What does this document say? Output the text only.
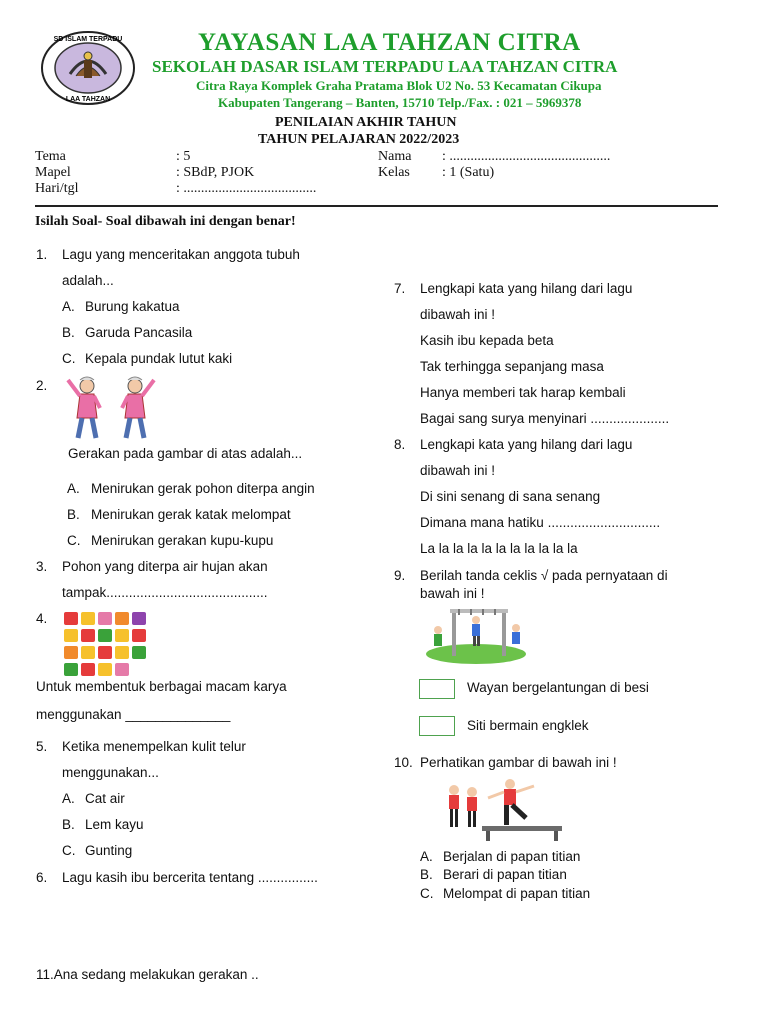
SD ISLAM TERPADU
LAA TAHZAN
YAYASAN LAA TAHZAN CITRA
SEKOLAH DASAR ISLAM TERPADU LAA TAHZAN CITRA
Citra Raya Komplek Graha Pratama Blok U2 No. 53 Kecamatan Cikupa
Kabupaten Tangerang – Banten, 15710 Telp./Fax. : 021 – 5969378
PENILAIAN AKHIR TAHUN
TAHUN PELAJARAN 2022/2023
Tema	: 5
Mapel	: SBdP, PJOK
Hari/tgl	: ......................................
Nama : ..............................................
Kelas : 1 (Satu)
Isilah Soal- Soal dibawah ini dengan benar!
1. Lagu yang menceritakan anggota tubuh
adalah...
A. Burung kakatua
B. Garuda Pancasila
C. Kepala pundak lutut kaki
2.
Gerakan pada gambar di atas adalah...
A. Menirukan gerak pohon diterpa angin
B. Menirukan gerak katak melompat
C. Menirukan gerakan kupu-kupu
3. Pohon yang diterpa air hujan akan
tampak...........................................
4.
Untuk membentuk berbagai macam karya
menggunakan ______________
5. Ketika menempelkan kulit telur
menggunakan...
A. Cat air
B. Lem kayu
C. Gunting
6. Lagu kasih ibu bercerita tentang ................
11.Ana sedang melakukan gerakan ..
7. Lengkapi kata yang hilang dari lagu
dibawah ini !
Kasih ibu kepada beta
Tak terhingga sepanjang masa
Hanya memberi tak harap kembali
Bagai sang surya menyinari .....................
8. Lengkapi kata yang hilang dari lagu
dibawah ini !
Di sini senang di sana senang
Dimana mana hatiku ..............................
La la la la la la la la la la la
9. Berilah tanda ceklis √ pada pernyataan di
bawah ini !
Wayan bergelantungan di besi
Siti bermain engklek
10. Perhatikan gambar di bawah ini !
A. Berjalan di papan titian
B. Berari di papan titian
C. Melompat di papan titian
